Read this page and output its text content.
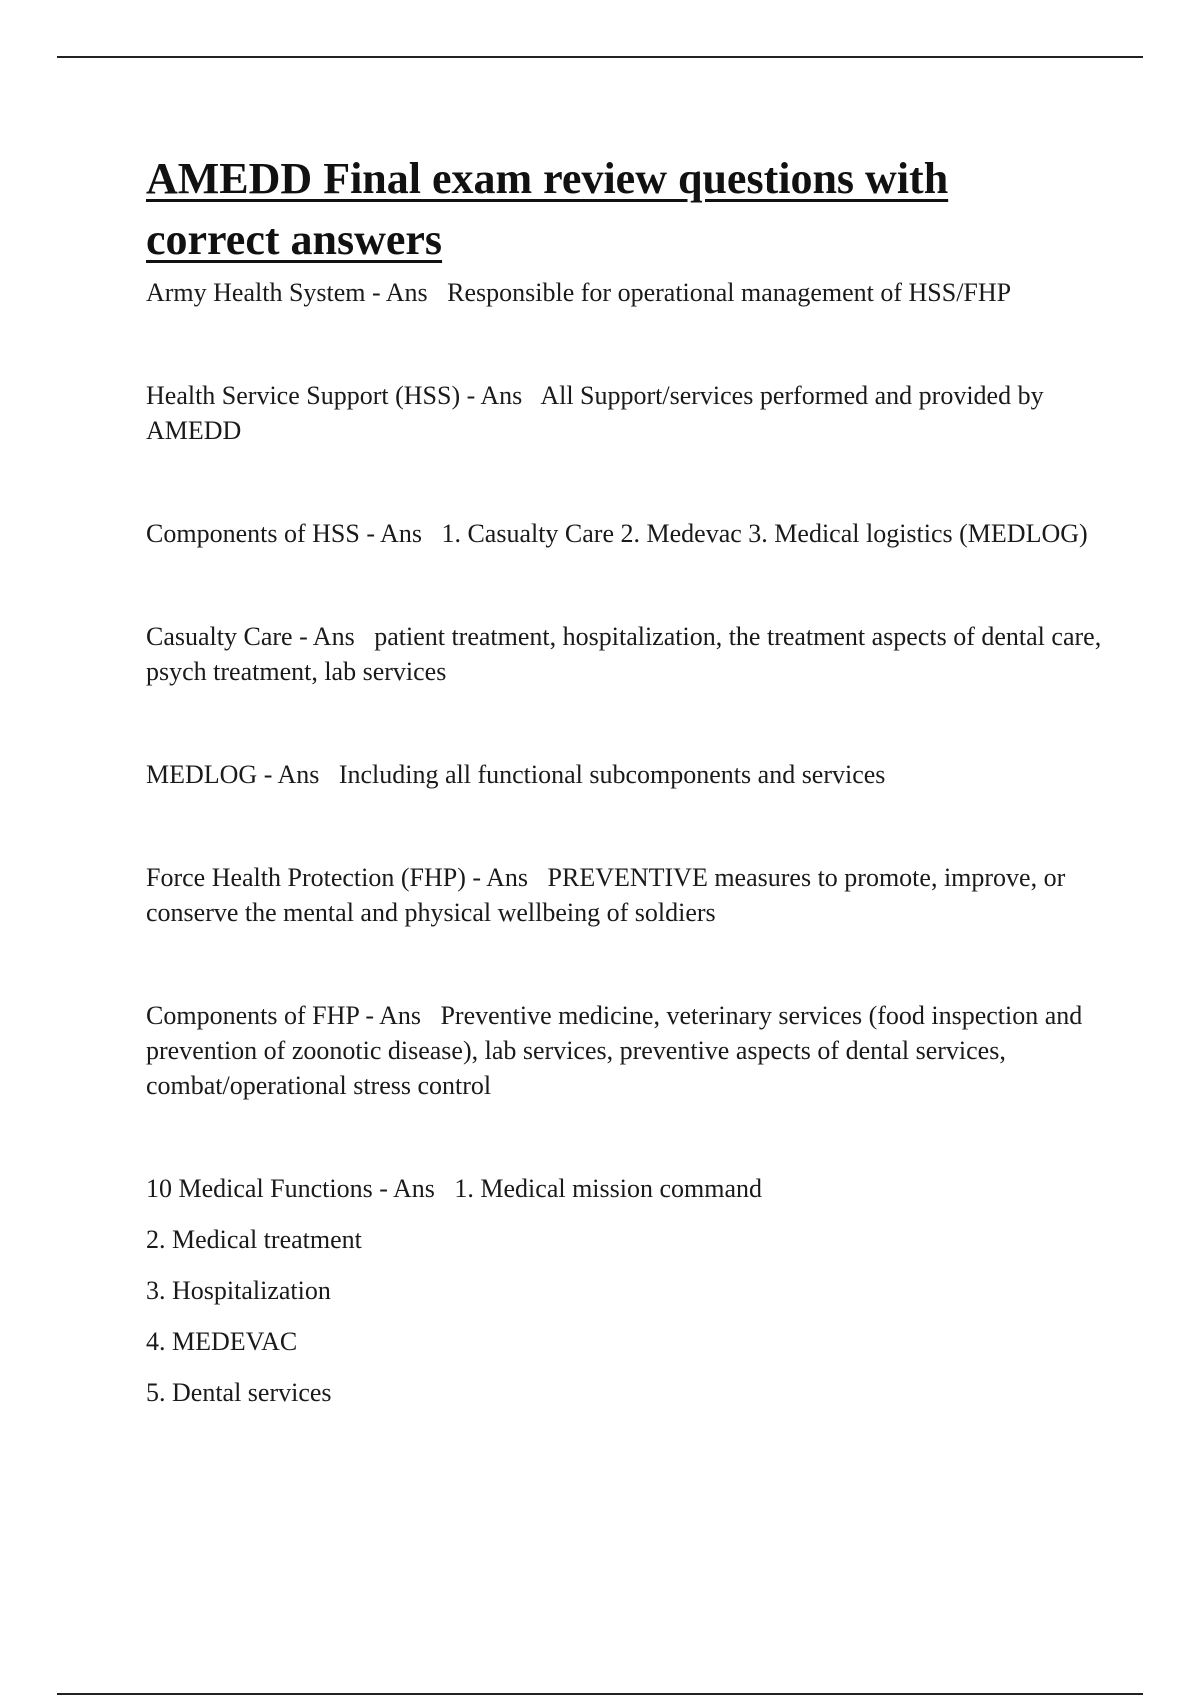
AMEDD Final exam review questions with correct answers

Army Health System - Ans   Responsible for operational management of HSS/FHP

Health Service Support (HSS) - Ans   All Support/services performed and provided by AMEDD

Components of HSS - Ans   1. Casualty Care 2. Medevac 3. Medical logistics (MEDLOG)

Casualty Care - Ans   patient treatment, hospitalization, the treatment aspects of dental care, psych treatment, lab services

MEDLOG - Ans   Including all functional subcomponents and services

Force Health Protection (FHP) - Ans   PREVENTIVE measures to promote, improve, or conserve the mental and physical wellbeing of soldiers

Components of FHP - Ans   Preventive medicine, veterinary services (food inspection and prevention of zoonotic disease), lab services, preventive aspects of dental services, combat/operational stress control

10 Medical Functions - Ans   1. Medical mission command

2. Medical treatment

3. Hospitalization

4. MEDEVAC

5. Dental services
